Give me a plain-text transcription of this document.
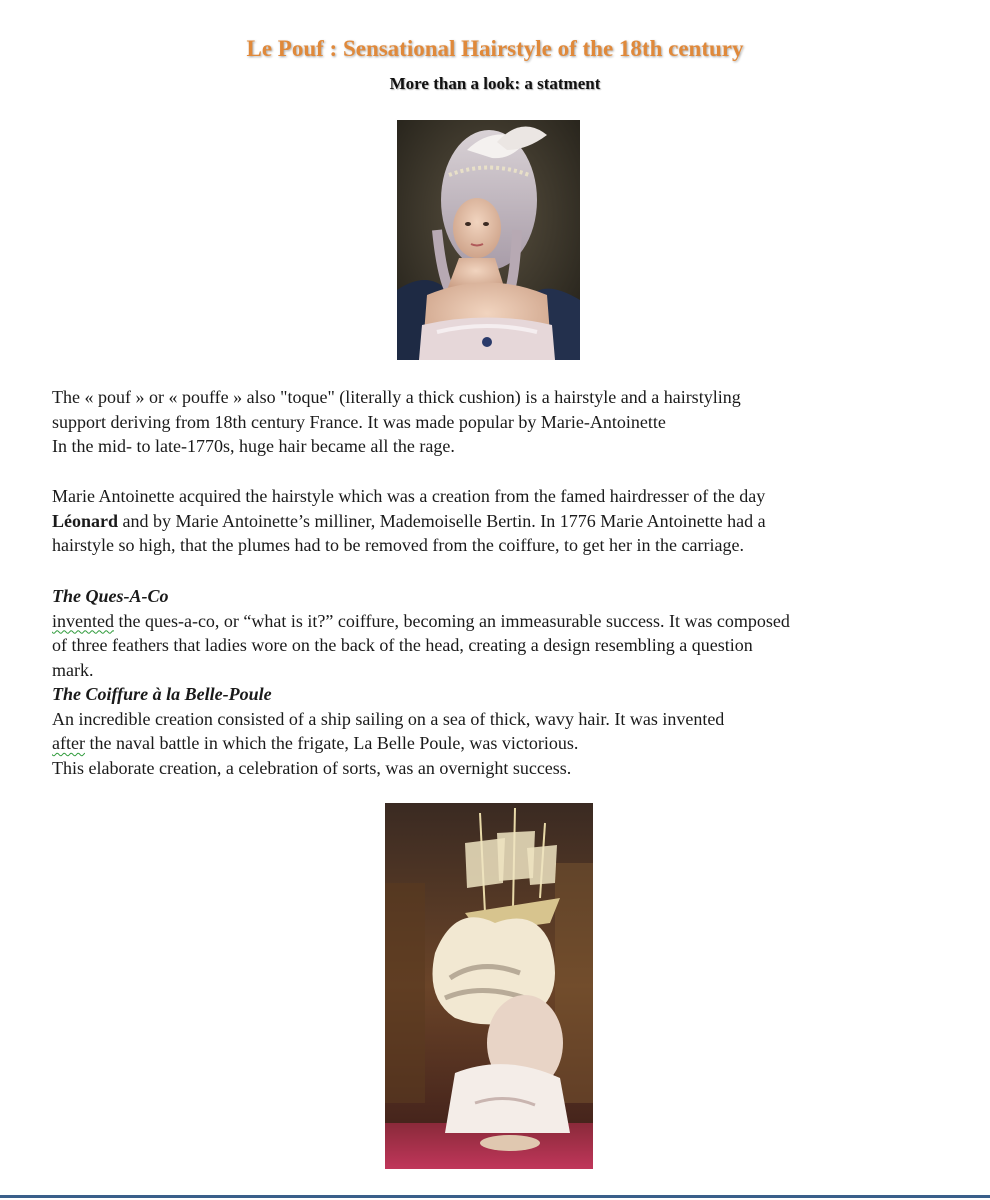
Le Pouf : Sensational Hairstyle of the 18th century
More than a look: a statment

The « pouf » or « pouffe » also "toque" (literally a thick cushion) is a hairstyle and a hairstyling

support deriving from 18th century France. It was made popular by Marie-Antoinette

In the mid- to late-1770s, huge hair became all the rage.

Marie Antoinette acquired the hairstyle which was a creation from the famed hairdresser of the day

Léonard and by Marie Antoinette’s milliner, Mademoiselle Bertin. In 1776 Marie Antoinette had a

hairstyle so high, that the plumes had to be removed from the coiffure, to get her in the carriage.

The Ques-A-Co

invented the ques-a-co, or “what is it?” coiffure, becoming an immeasurable success. It was composed

of three feathers that ladies wore on the back of the head, creating a design resembling a question

mark.

The Coiffure à la Belle-Poule

An incredible creation consisted of a ship sailing on a sea of thick, wavy hair. It was invented

after the naval battle in which the frigate, La Belle Poule, was victorious.

This elaborate creation, a celebration of sorts, was an overnight success.
